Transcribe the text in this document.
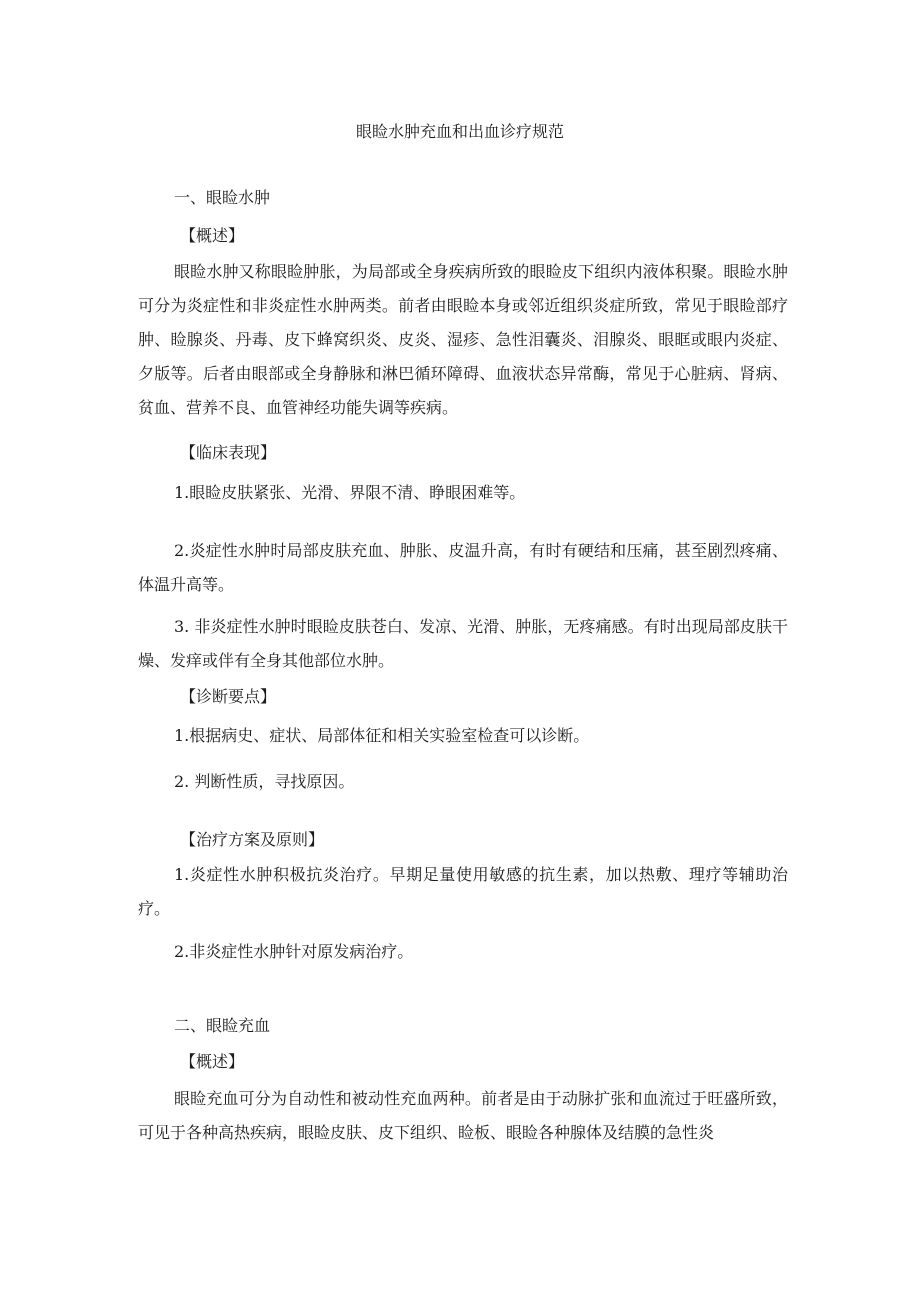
眼睑水肿充血和出血诊疗规范

一、眼睑水肿

【概述】

眼睑水肿又称眼睑肿胀，为局部或全身疾病所致的眼睑皮下组织内液体积聚。眼睑水肿可分为炎症性和非炎症性水肿两类。前者由眼睑本身或邻近组织炎症所致，常见于眼睑部疗肿、睑腺炎、丹毒、皮下蜂窝织炎、皮炎、湿疹、急性泪囊炎、泪腺炎、眼眶或眼内炎症、夕版等。后者由眼部或全身静脉和淋巴循环障碍、血液状态异常酶，常见于心脏病、肾病、贫血、营养不良、血管神经功能失调等疾病。

【临床表现】

1.眼睑皮肤紧张、光滑、界限不清、睁眼困难等。

2.炎症性水肿时局部皮肤充血、肿胀、皮温升高，有时有硬结和压痛，甚至剧烈疼痛、体温升高等。

3. 非炎症性水肿时眼睑皮肤苍白、发凉、光滑、肿胀，无疼痛感。有时出现局部皮肤干燥、发痒或伴有全身其他部位水肿。

【诊断要点】

1.根据病史、症状、局部体征和相关实验室检查可以诊断。

2. 判断性质，寻找原因。

【治疗方案及原则】

1.炎症性水肿积极抗炎治疗。早期足量使用敏感的抗生素，加以热敷、理疗等辅助治疗。

2.非炎症性水肿针对原发病治疗。

二、眼睑充血

【概述】

眼睑充血可分为自动性和被动性充血两种。前者是由于动脉扩张和血流过于旺盛所致，可见于各种高热疾病，眼睑皮肤、皮下组织、睑板、眼睑各种腺体及结膜的急性炎
